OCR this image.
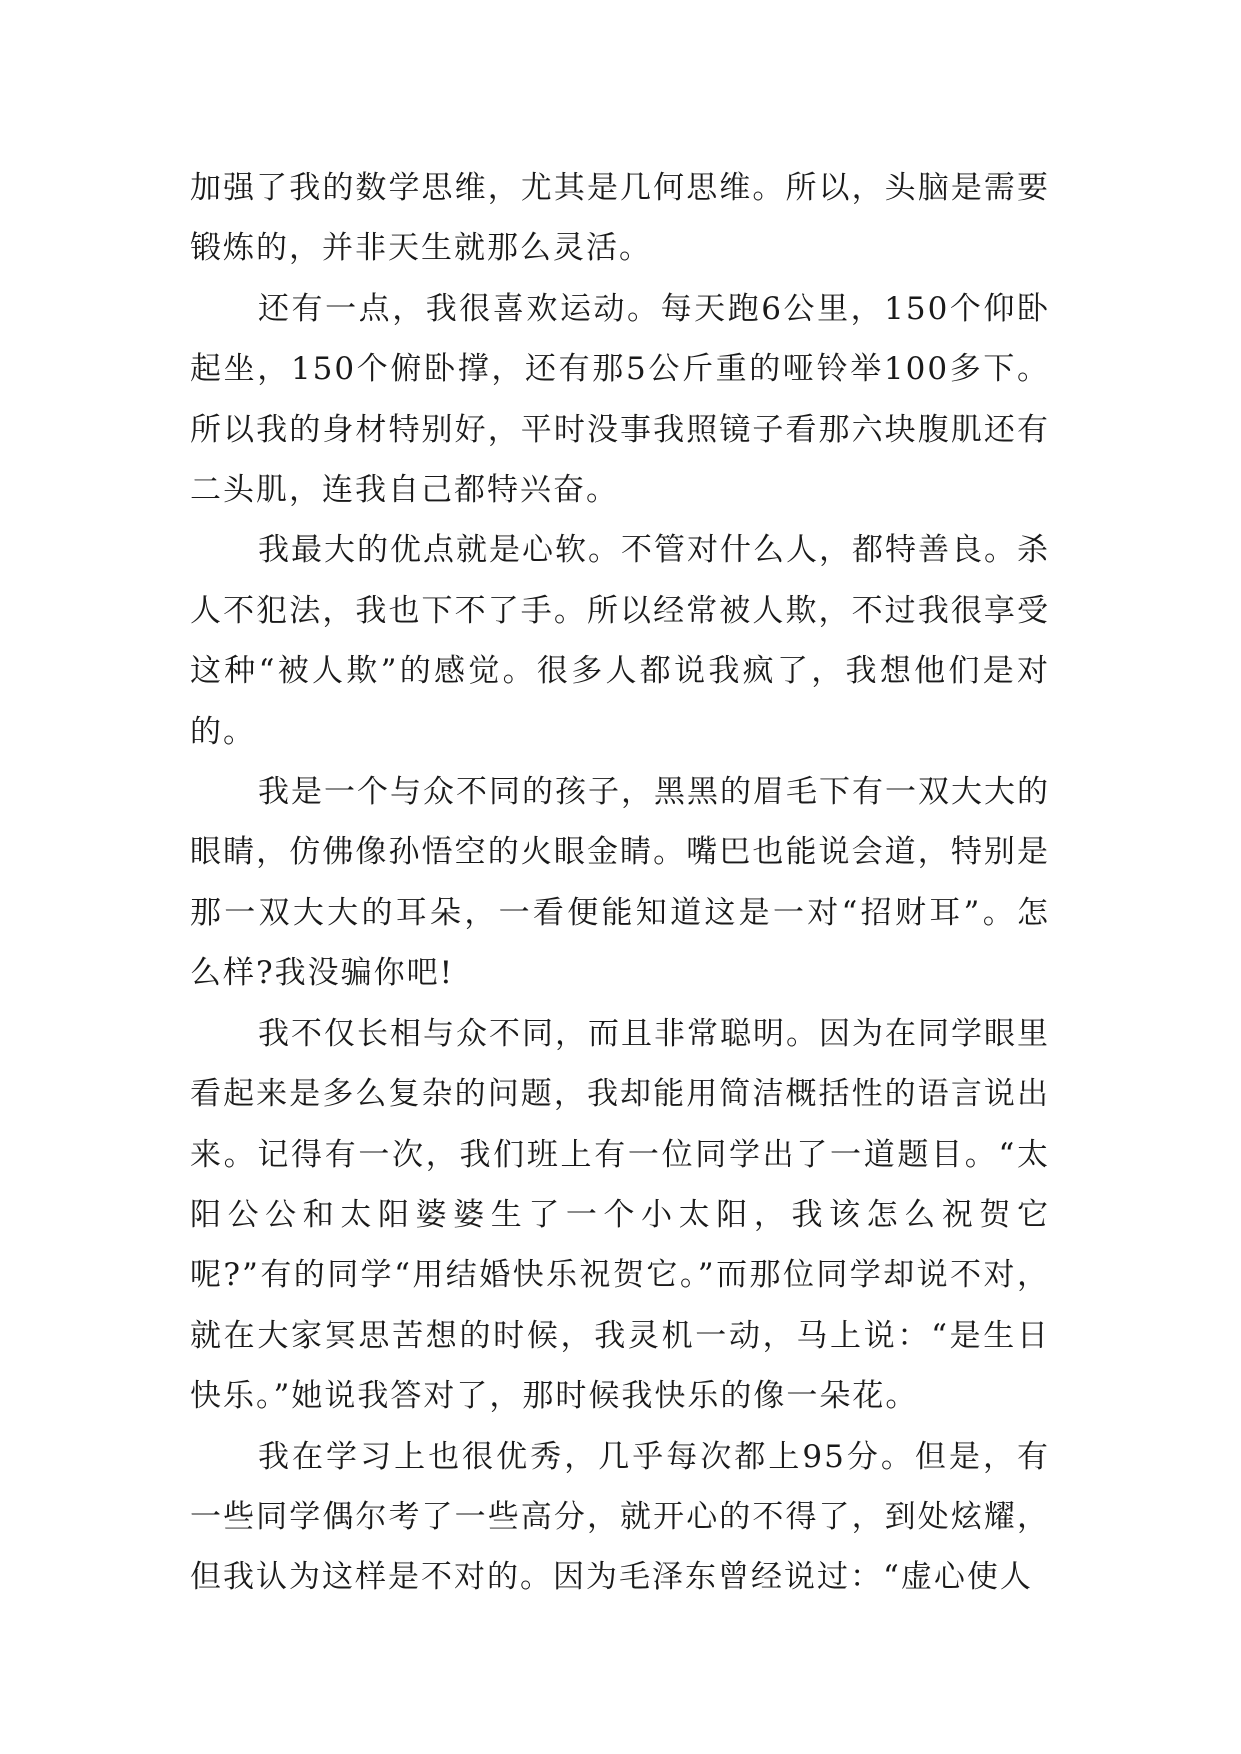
加强了我的数学思维，尤其是几何思维。所以，头脑是需要锻炼的，并非天生就那么灵活。

还有一点，我很喜欢运动。每天跑6公里，150个仰卧起坐，150个俯卧撑，还有那5公斤重的哑铃举100多下。所以我的身材特别好，平时没事我照镜子看那六块腹肌还有二头肌，连我自己都特兴奋。

我最大的优点就是心软。不管对什么人，都特善良。杀人不犯法，我也下不了手。所以经常被人欺，不过我很享受这种“被人欺”的感觉。很多人都说我疯了，我想他们是对的。

我是一个与众不同的孩子，黑黑的眉毛下有一双大大的眼睛，仿佛像孙悟空的火眼金睛。嘴巴也能说会道，特别是那一双大大的耳朵，一看便能知道这是一对“招财耳”。怎么样?我没骗你吧!

我不仅长相与众不同，而且非常聪明。因为在同学眼里看起来是多么复杂的问题，我却能用简洁概括性的语言说出来。记得有一次，我们班上有一位同学出了一道题目。“太阳公公和太阳婆婆生了一个小太阳，我该怎么祝贺它呢?”有的同学“用结婚快乐祝贺它。”而那位同学却说不对，就在大家冥思苦想的时候，我灵机一动，马上说：“是生日快乐。”她说我答对了，那时候我快乐的像一朵花。

我在学习上也很优秀，几乎每次都上95分。但是，有一些同学偶尔考了一些高分，就开心的不得了，到处炫耀，但我认为这样是不对的。因为毛泽东曾经说过：“虚心使人
